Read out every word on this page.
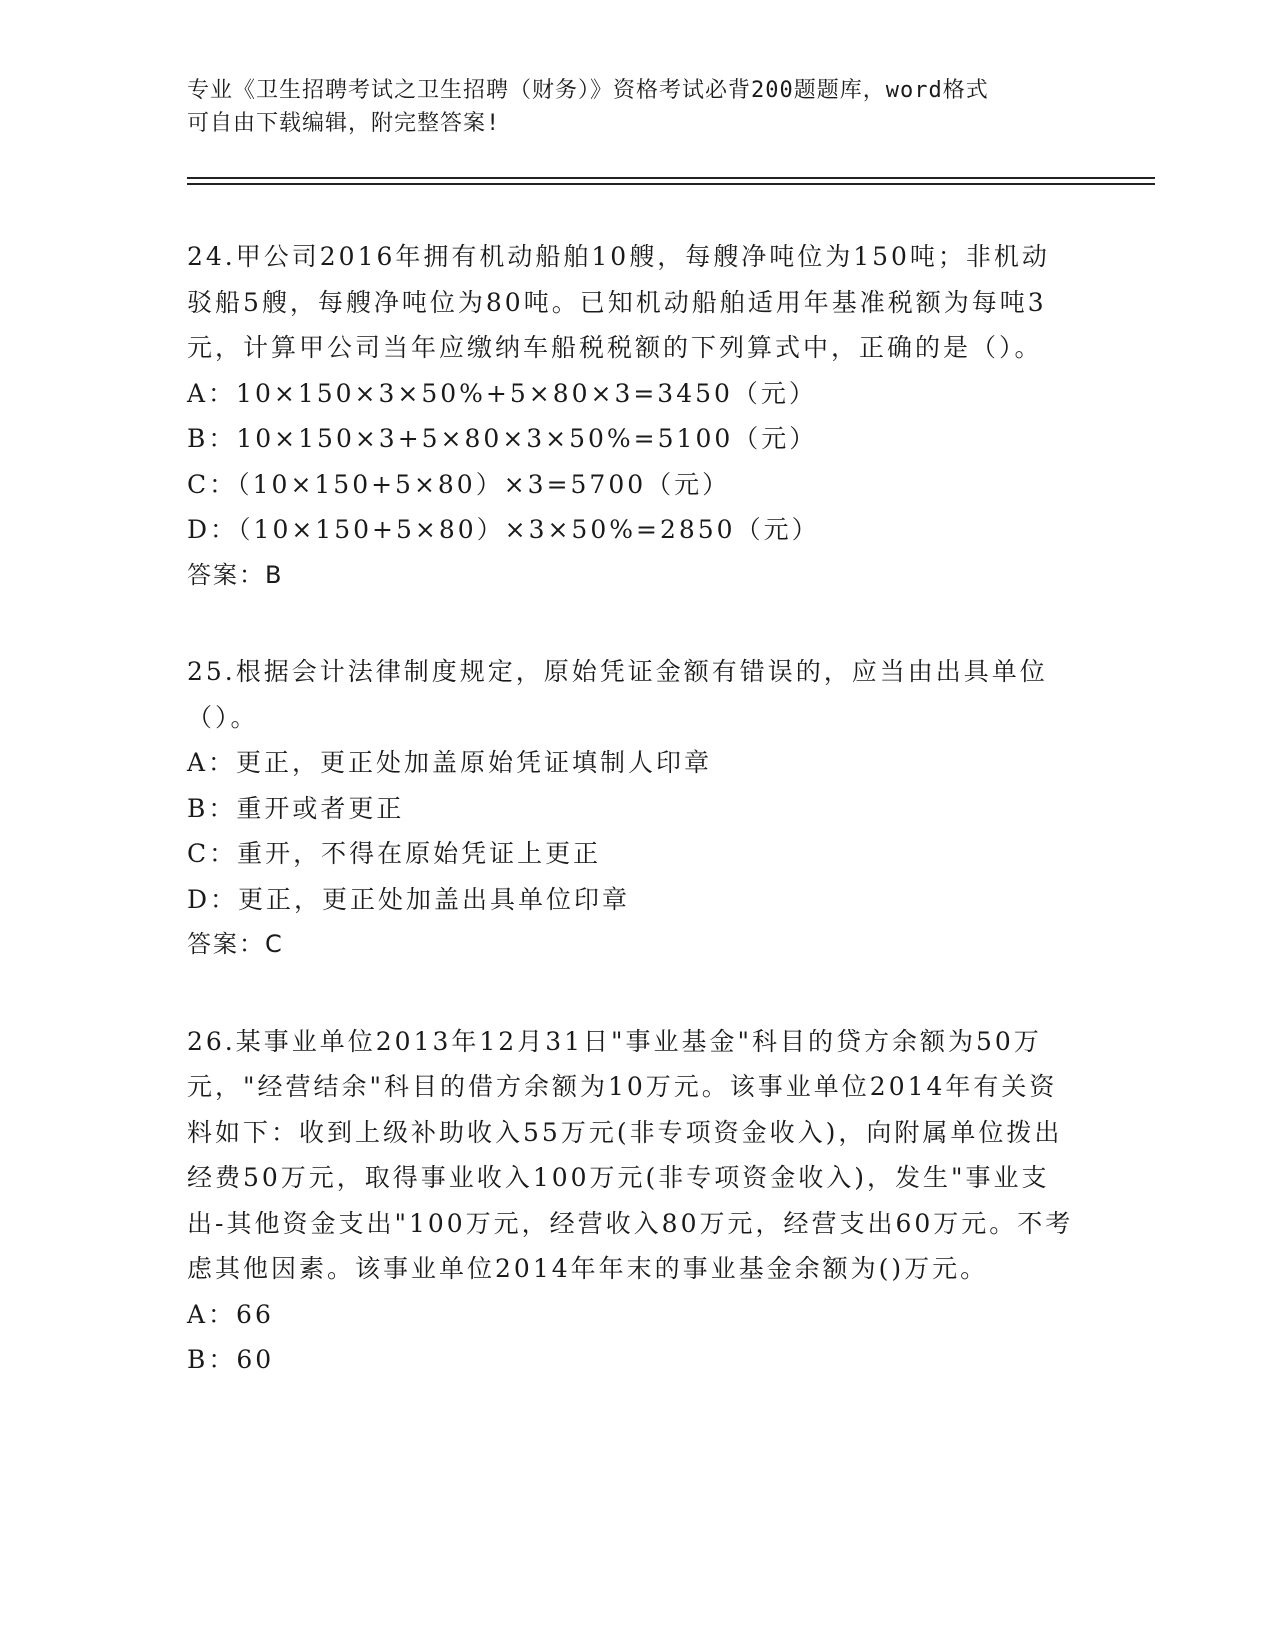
专业《卫生招聘考试之卫生招聘（财务）》资格考试必背200题题库，word格式
可自由下载编辑，附完整答案!

24.甲公司2016年拥有机动船舶10艘，每艘净吨位为150吨；非机动驳船5艘，每艘净吨位为80吨。已知机动船舶适用年基准税额为每吨3元，计算甲公司当年应缴纳车船税税额的下列算式中，正确的是（）。

A：10×150×3×50%+5×80×3=3450（元）
B：10×150×3+5×80×3×50%=5100（元）
C：（10×150+5×80）×3=5700（元）
D：（10×150+5×80）×3×50%=2850（元）
答案：B

25.根据会计法律制度规定，原始凭证金额有错误的，应当由出具单位（）。

A：更正，更正处加盖原始凭证填制人印章
B：重开或者更正
C：重开，不得在原始凭证上更正
D：更正，更正处加盖出具单位印章
答案：C

26.某事业单位2013年12月31日"事业基金"科目的贷方余额为50万元，"经营结余"科目的借方余额为10万元。该事业单位2014年有关资料如下：收到上级补助收入55万元(非专项资金收入)，向附属单位拨出经费50万元，取得事业收入100万元(非专项资金收入)，发生"事业支出-其他资金支出"100万元，经营收入80万元，经营支出60万元。不考虑其他因素。该事业单位2014年年末的事业基金余额为()万元。

A：66
B：60
